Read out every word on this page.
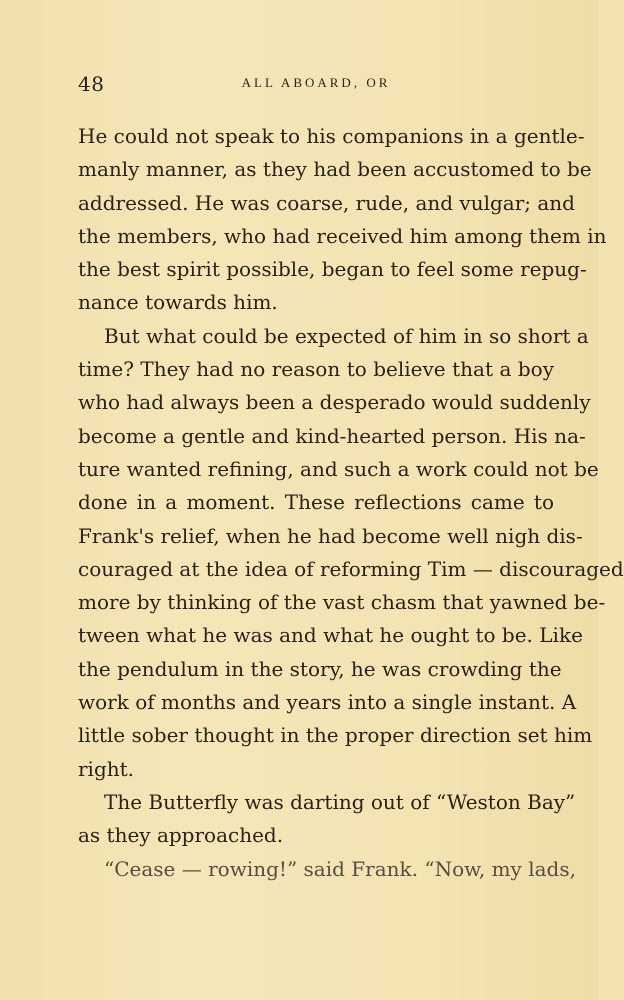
48	ALL ABOARD, OR
He could not speak to his companions in a gentle-
manly manner, as they had been accustomed to be
addressed. He was coarse, rude, and vulgar; and
the members, who had received him among them in
the best spirit possible, began to feel some repug-
nance towards him.
But what could be expected of him in so short a
time? They had no reason to believe that a boy
who had always been a desperado would suddenly
become a gentle and kind-hearted person. His na-
ture wanted refining, and such a work could not be
done in a moment. These reflections came to
Frank's relief, when he had become well nigh dis-
couraged at the idea of reforming Tim — discouraged
more by thinking of the vast chasm that yawned be-
tween what he was and what he ought to be. Like
the pendulum in the story, he was crowding the
work of months and years into a single instant. A
little sober thought in the proper direction set him
right.
The Butterfly was darting out of “Weston Bay”
as they approached.
“Cease — rowing!” said Frank. “Now, my lads,
